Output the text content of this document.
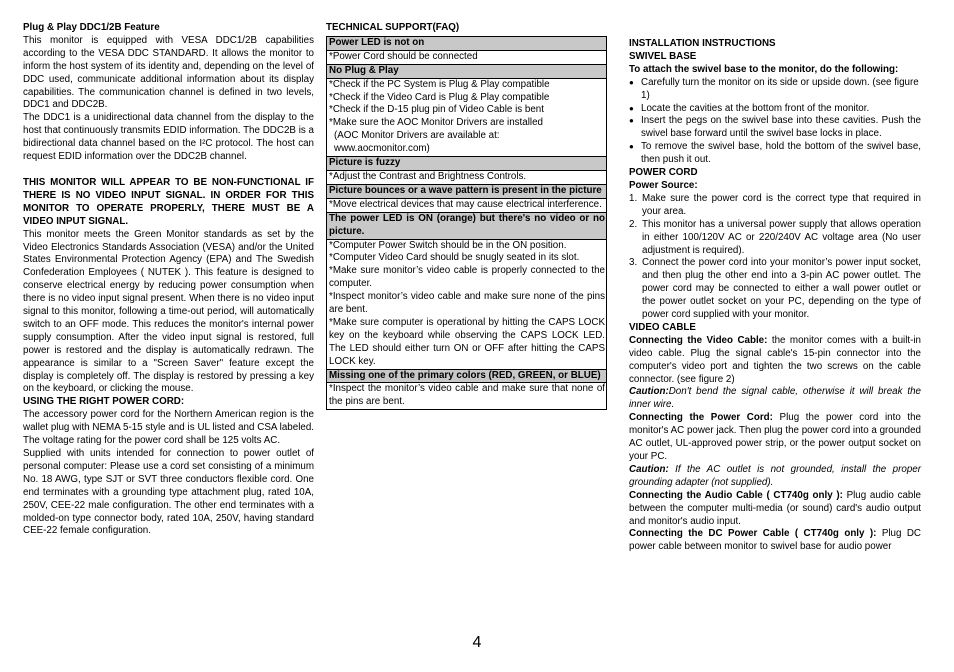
Plug & Play DDC1/2B Feature

This monitor is equipped with VESA DDC1/2B capabilities according to the VESA DDC STANDARD. It allows the monitor to inform the host system of its identity and, depending on the level of DDC used, communicate additional information about its display capabilities. The communication channel is defined in two levels, DDC1 and DDC2B.

The DDC1 is a unidirectional data channel from the display to the host that continuously transmits EDID information. The DDC2B is a bidirectional data channel based on the I²C protocol. The host can request EDID information over the DDC2B channel.

THIS MONITOR WILL APPEAR TO BE NON-FUNCTIONAL IF THERE IS NO VIDEO INPUT SIGNAL. IN ORDER FOR THIS MONITOR TO OPERATE PROPERLY, THERE MUST BE A VIDEO INPUT SIGNAL.

This monitor meets the Green Monitor standards as set by the Video Electronics Standards Association (VESA) and/or the United States Environmental Protection Agency (EPA) and The Swedish Confederation Employees ( NUTEK ). This feature is designed to conserve electrical energy by reducing power consumption when there is no video input signal present. When there is no video input signal to this monitor, following a time-out period, will automatically switch to an OFF mode. This reduces the monitor's internal power supply consumption. After the video input signal is restored, full power is restored and the display is automatically redrawn. The appearance is similar to a "Screen Saver" feature except the display is completely off. The display is restored by pressing a key on the keyboard, or clicking the mouse.

USING THE RIGHT POWER CORD:

The accessory power cord for the Northern American region is the wallet plug with NEMA 5-15 style and is UL listed and CSA labeled. The voltage rating for the power cord shall be 125 volts AC.

Supplied with units intended for connection to power outlet of personal computer: Please use a cord set consisting of a minimum No. 18 AWG, type SJT or SVT three conductors flexible cord. One end terminates with a grounding type attachment plug, rated 10A, 250V, CEE-22 male configuration. The other end terminates with a molded-on type connector body, rated 10A, 250V, having standard CEE-22 female configuration.

TECHNICAL SUPPORT(FAQ)

Power LED is not on

*Power Cord should be connected

No Plug & Play

*Check if the PC System is Plug & Play compatible
*Check if the Video Card is Plug & Play compatible
*Check if the D-15 plug pin of Video Cable is bent
*Make sure the AOC Monitor Drivers are installed
(AOC Monitor Drivers are available at:
www.aocmonitor.com)

Picture is fuzzy

*Adjust the Contrast and Brightness Controls.

Picture bounces or a wave pattern is present in the picture

*Move electrical devices that may cause electrical interference.

The power LED is ON (orange) but there's no video or no picture.

*Computer Power Switch should be in the ON position.
*Computer Video Card should be snugly seated in its slot.
*Make sure monitor’s video cable is properly connected to the computer.
*Inspect monitor’s video cable and make sure none of the pins are bent.
*Make sure computer is operational by hitting the CAPS LOCK key on the keyboard while observing the CAPS LOCK LED. The LED should either turn ON or OFF after hitting the CAPS LOCK key.

Missing one of the primary colors (RED, GREEN, or BLUE)

*Inspect the monitor’s video cable and make sure that none of the pins are bent.

INSTALLATION INSTRUCTIONS

SWIVEL BASE

To attach the swivel base to the monitor, do the following:

● Carefully turn the monitor on its side or upside down. (see figure 1)
● Locate the cavities at the bottom front of the monitor.
● Insert the pegs on the swivel base into these cavities. Push the swivel base forward until the swivel base locks in place.
● To remove the swivel base, hold the bottom of the swivel base, then push it out.

POWER CORD

Power Source:

1. Make sure the power cord is the correct type that required in your area.
2. This monitor has a universal power supply that allows operation in either 100/120V AC or 220/240V AC voltage area (No user adjustment is required).
3. Connect the power cord into your monitor’s power input socket, and then plug the other end into a 3-pin AC power outlet. The power cord may be connected to either a wall power outlet or the power outlet socket on your PC, depending on the type of power cord supplied with your monitor.

VIDEO CABLE

Connecting the Video Cable: the monitor comes with a built-in video cable. Plug the signal cable's 15-pin connector into the computer's video port and tighten the two screws on the cable connector. (see figure 2)

Caution:Don't bend the signal cable, otherwise it will break the inner wire.

Connecting the Power Cord: Plug the power cord into the monitor's AC power jack. Then plug the power cord into a grounded AC outlet, UL-approved power strip, or the power output socket on your PC.

Caution: If the AC outlet is not grounded, install the proper grounding adapter (not supplied).

Connecting the Audio Cable ( CT740g only ): Plug audio cable between the computer multi-media (or sound) card's audio output and monitor's audio input.

Connecting the DC Power Cable ( CT740g only ): Plug DC power cable between monitor to swivel base for audio power

4
